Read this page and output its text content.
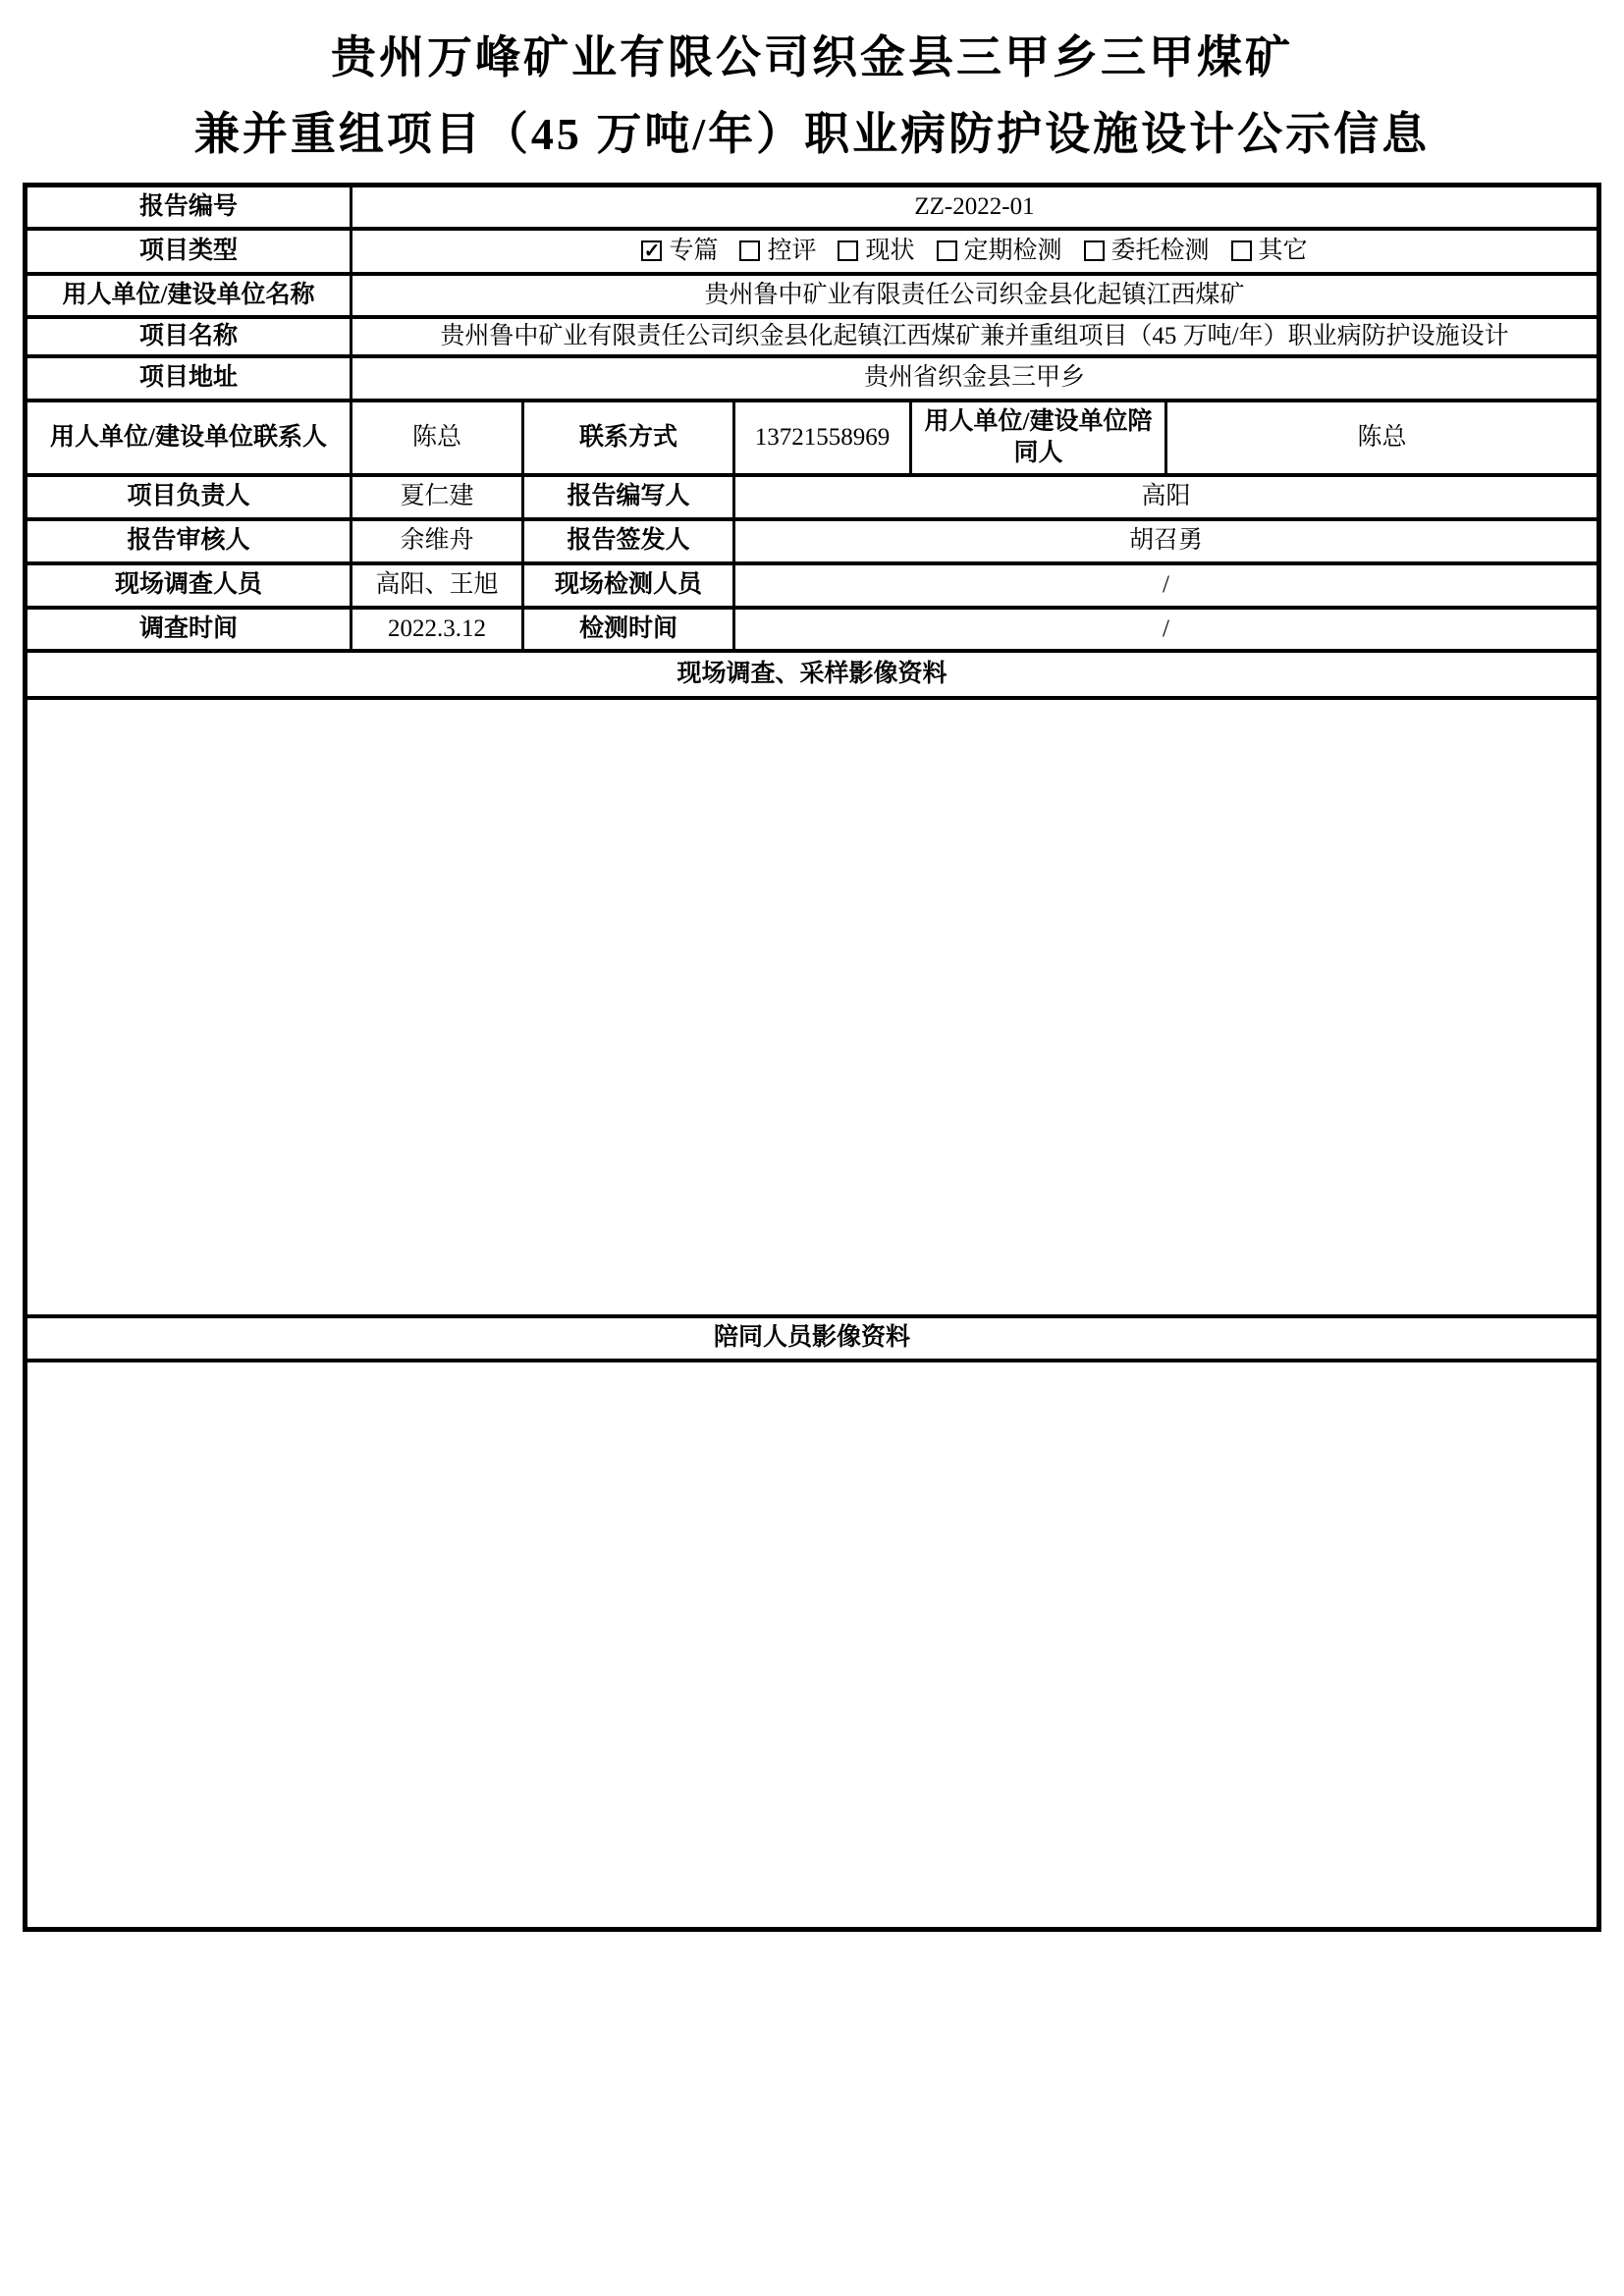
贵州万峰矿业有限公司织金县三甲乡三甲煤矿
兼并重组项目（45 万吨/年）职业病防护设施设计公示信息
报告编号	ZZ-2022-01				
项目类型	✓ 专篇 控评 现状 定期检测 委托检测 其它

用人单位/建设单位名称	贵州鲁中矿业有限责任公司织金县化起镇江西煤矿				
项目名称	贵州鲁中矿业有限责任公司织金县化起镇江西煤矿兼并重组项目（45 万吨/年）职业病防护设施设计				
项目地址	贵州省织金县三甲乡				
用人单位/建设单位联系人	陈总	联系方式	13721558969	用人单位/建设单位陪同人	陈总
项目负责人	夏仁建	报告编写人	高阳		
报告审核人	余维舟	报告签发人	胡召勇		
现场调查人员	高阳、王旭	现场检测人员	/		
调查时间	2022.3.12	检测时间	/		
现场调查、采样影像资料					

陪同人员影像资料					
